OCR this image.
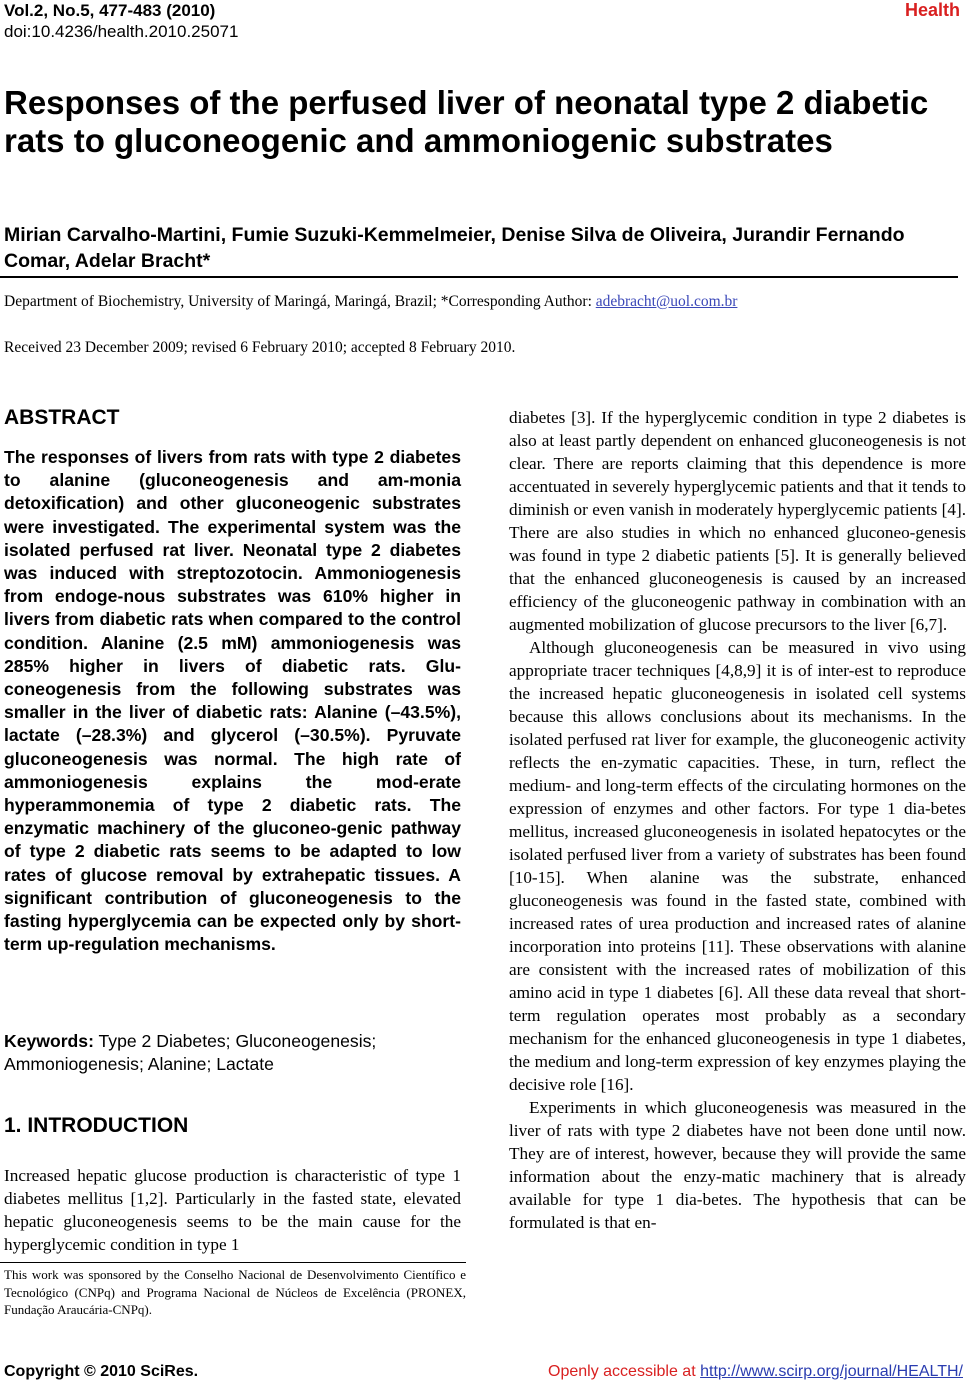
Vol.2, No.5, 477-483 (2010)
doi:10.4236/health.2010.25071
Health
Responses of the perfused liver of neonatal type 2 diabetic rats to gluconeogenic and ammoniogenic substrates

Mirian Carvalho-Martini, Fumie Suzuki-Kemmelmeier, Denise Silva de Oliveira, Jurandir Fernando Comar, Adelar Bracht*

Department of Biochemistry, University of Maringá, Maringá, Brazil; *Corresponding Author: adebracht@uol.com.br
Received 23 December 2009; revised 6 February 2010; accepted 8 February 2010.
ABSTRACT

The responses of livers from rats with type 2 diabetes to alanine (gluconeogenesis and am-monia detoxification) and other gluconeogenic substrates were investigated. The experimental system was the isolated perfused rat liver. Neonatal type 2 diabetes was induced with streptozotocin. Ammoniogenesis from endoge-nous substrates was 610% higher in livers from diabetic rats when compared to the control condition. Alanine (2.5 mM) ammoniogenesis was 285% higher in livers of diabetic rats. Glu-coneogenesis from the following substrates was smaller in the liver of diabetic rats: Alanine (–43.5%), lactate (–28.3%) and glycerol (–30.5%). Pyruvate gluconeogenesis was normal. The high rate of ammoniogenesis explains the mod-erate hyperammonemia of type 2 diabetic rats. The enzymatic machinery of the gluconeo-genic pathway of type 2 diabetic rats seems to be adapted to low rates of glucose removal by extrahepatic tissues. A significant contribution of gluconeogenesis to the fasting hyperglycemia can be expected only by short-term up-regulation mechanisms.

Keywords: Type 2 Diabetes; Gluconeogenesis; Ammoniogenesis; Alanine; Lactate

1. INTRODUCTION

Increased hepatic glucose production is characteristic of type 1 diabetes mellitus [1,2]. Particularly in the fasted state, elevated hepatic gluconeogenesis seems to be the main cause for the hyperglycemic condition in type 1

This work was sponsored by the Conselho Nacional de Desenvolvimento Científico e Tecnológico (CNPq) and Programa Nacional de Núcleos de Excelência (PRONEX, Fundação Araucária-CNPq).

diabetes [3]. If the hyperglycemic condition in type 2 diabetes is also at least partly dependent on enhanced gluconeogenesis is not clear. There are reports claiming that this dependence is more accentuated in severely hyperglycemic patients and that it tends to diminish or even vanish in moderately hyperglycemic patients [4]. There are also studies in which no enhanced gluconeo-genesis was found in type 2 diabetic patients [5]. It is generally believed that the enhanced gluconeogenesis is caused by an increased efficiency of the gluconeogenic pathway in combination with an augmented mobilization of glucose precursors to the liver [6,7].

Although gluconeogenesis can be measured in vivo using appropriate tracer techniques [4,8,9] it is of inter-est to reproduce the increased hepatic gluconeogenesis in isolated cell systems because this allows conclusions about its mechanisms. In the isolated perfused rat liver for example, the gluconeogenic activity reflects the en-zymatic capacities. These, in turn, reflect the medium- and long-term effects of the circulating hormones on the expression of enzymes and other factors. For type 1 dia-betes mellitus, increased gluconeogenesis in isolated hepatocytes or the isolated perfused liver from a variety of substrates has been found [10-15]. When alanine was the substrate, enhanced gluconeogenesis was found in the fasted state, combined with increased rates of urea production and increased rates of alanine incorporation into proteins [11]. These observations with alanine are consistent with the increased rates of mobilization of this amino acid in type 1 diabetes [6]. All these data reveal that short-term regulation operates most probably as a secondary mechanism for the enhanced gluconeogenesis in type 1 diabetes, the medium and long-term expression of key enzymes playing the decisive role [16].

Experiments in which gluconeogenesis was measured in the liver of rats with type 2 diabetes have not been done until now. They are of interest, however, because they will provide the same information about the enzy-matic machinery that is already available for type 1 dia-betes. The hypothesis that can be formulated is that en-

Copyright © 2010 SciRes.	Openly accessible at http://www.scirp.org/journal/HEALTH/
